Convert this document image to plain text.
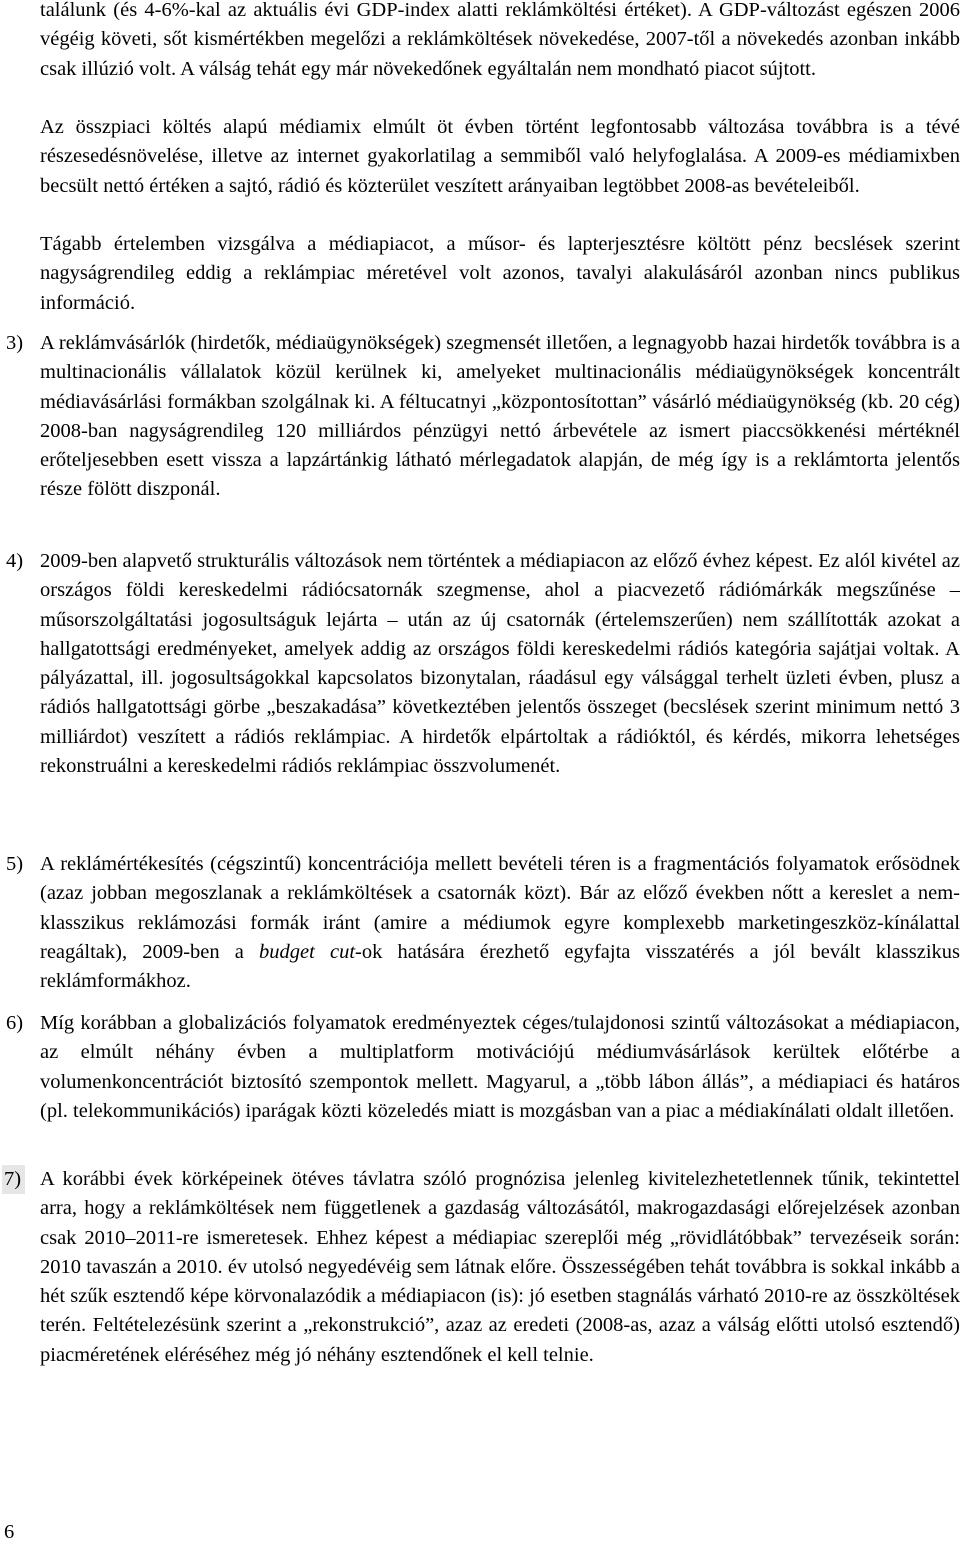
találunk (és 4-6%-kal az aktuális évi GDP-index alatti reklámköltési értéket). A GDP-változást egészen 2006 végéig követi, sőt kismértékben megelőzi a reklámköltések növekedése, 2007-től a növekedés azonban inkább csak illúzió volt. A válság tehát egy már növekedőnek egyáltalán nem mondható piacot sújtott.

Az összpiaci költés alapú médiamix elmúlt öt évben történt legfontosabb változása továbbra is a tévé részesedésnövelése, illetve az internet gyakorlatilag a semmiből való helyfoglalása. A 2009-es médiamixben becsült nettó értéken a sajtó, rádió és közterület veszített arányaiban legtöbbet 2008-as bevételeiből.

Tágabb értelemben vizsgálva a médiapiacot, a műsor- és lapterjesztésre költött pénz becslések szerint nagyságrendileg eddig a reklámpiac méretével volt azonos, tavalyi alakulásáról azonban nincs publikus információ.

3) A reklámvásárlók (hirdetők, médiaügynökségek) szegmensét illetően, a legnagyobb hazai hirdetők továbbra is a multinacionális vállalatok közül kerülnek ki, amelyeket multinacionális médiaügynökségek koncentrált médiavásárlási formákban szolgálnak ki. A féltucatnyi „központosítottan” vásárló médiaügynökség (kb. 20 cég) 2008-ban nagyságrendileg 120 milliárdos pénzügyi nettó árbevétele az ismert piaccsökkenési mértéknél erőteljesebben esett vissza a lapzártánkig látható mérlegadatok alapján, de még így is a reklámtorta jelentős része fölött diszponál.

4) 2009-ben alapvető strukturális változások nem történtek a médiapiacon az előző évhez képest. Ez alól kivétel az országos földi kereskedelmi rádiócsatornák szegmense, ahol a piacvezető rádiómárkák megszűnése – műsorszolgáltatási jogosultságuk lejárta – után az új csatornák (értelemszerűen) nem szállították azokat a hallgatottsági eredményeket, amelyek addig az országos földi kereskedelmi rádiós kategória sajátjai voltak. A pályázattal, ill. jogosultságokkal kapcsolatos bizonytalan, ráadásul egy válsággal terhelt üzleti évben, plusz a rádiós hallgatottsági görbe „beszakadása” következtében jelentős összeget (becslések szerint minimum nettó 3 milliárdot) veszített a rádiós reklámpiac. A hirdetők elpártoltak a rádióktól, és kérdés, mikorra lehetséges rekonstruálni a kereskedelmi rádiós reklámpiac összvolumenét.

5) A reklámértékesítés (cégszintű) koncentrációja mellett bevételi téren is a fragmentációs folyamatok erősödnek (azaz jobban megoszlanak a reklámköltések a csatornák közt). Bár az előző években nőtt a kereslet a nem-klasszikus reklámozási formák iránt (amire a médiumok egyre komplexebb marketingeszköz-kínálattal reagáltak), 2009-ben a budget cut-ok hatására érezhető egyfajta visszatérés a jól bevált klasszikus reklámformákhoz.

6) Míg korábban a globalizációs folyamatok eredményeztek céges/tulajdonosi szintű változásokat a médiapiacon, az elmúlt néhány évben a multiplatform motivációjú médiumvásárlások kerültek előtérbe a volumenkoncentrációt biztosító szempontok mellett. Magyarul, a „több lábon állás”, a médiapiaci és határos (pl. telekommunikációs) iparágak közti közeledés miatt is mozgásban van a piac a médiakínálati oldalt illetően.

7) A korábbi évek körképeinek ötéves távlatra szóló prognózisa jelenleg kivitelezhetetlennek tűnik, tekintettel arra, hogy a reklámköltések nem függetlenek a gazdaság változásától, makrogazdasági előrejelzések azonban csak 2010–2011-re ismeretesek. Ehhez képest a médiapiac szereplői még „rövidlátóbbak” tervezéseik során: 2010 tavaszán a 2010. év utolsó negyedévéig sem látnak előre. Összességében tehát továbbra is sokkal inkább a hét szűk esztendő képe körvonalazódik a médiapiacon (is): jó esetben stagnálás várható 2010-re az összköltések terén. Feltételezésünk szerint a „rekonstrukció”, azaz az eredeti (2008-as, azaz a válság előtti utolsó esztendő) piacméretének eléréséhez még jó néhány esztendőnek el kell telnie.

6
